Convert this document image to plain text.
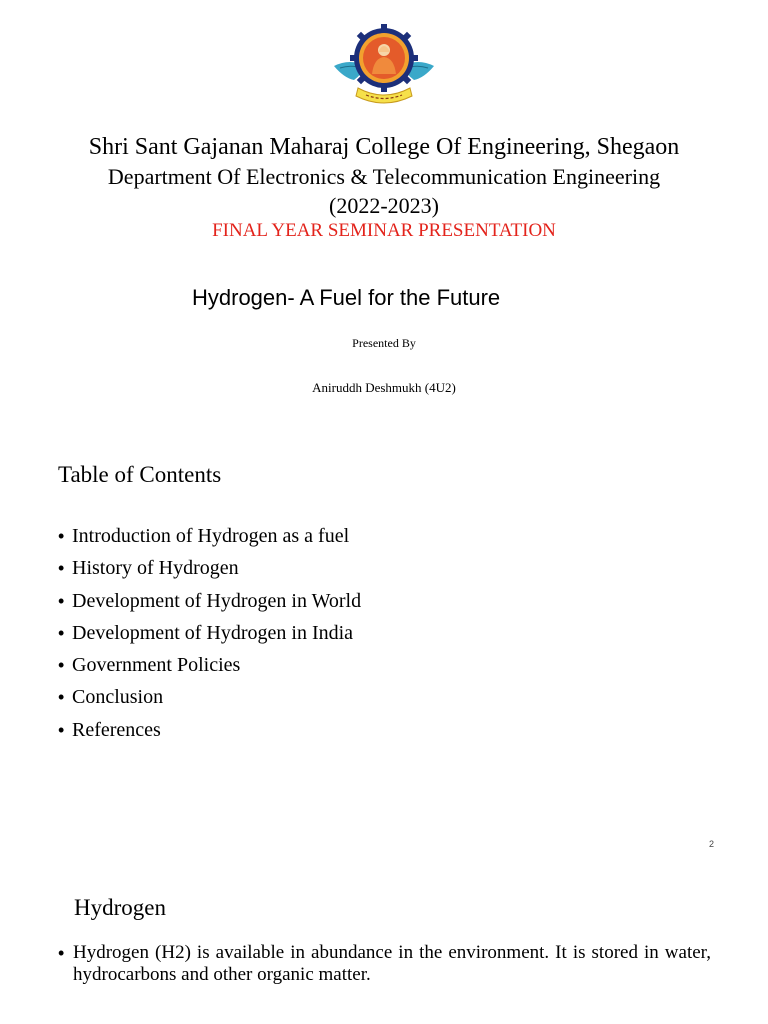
Shri Sant Gajanan Maharaj College Of Engineering, Shegaon
Department Of Electronics & Telecommunication Engineering
(2022-2023)
FINAL YEAR SEMINAR PRESENTATION
Hydrogen- A Fuel for the Future
Presented By
Aniruddh Deshmukh (4U2)
Table of Contents
• Introduction of Hydrogen as a fuel
• History of Hydrogen
• Development of Hydrogen in World
• Development of Hydrogen in India
• Government Policies
• Conclusion
• References
2
Hydrogen
• Hydrogen (H2) is available in abundance in the environment. It is stored in water, hydrocarbons and other organic matter.
